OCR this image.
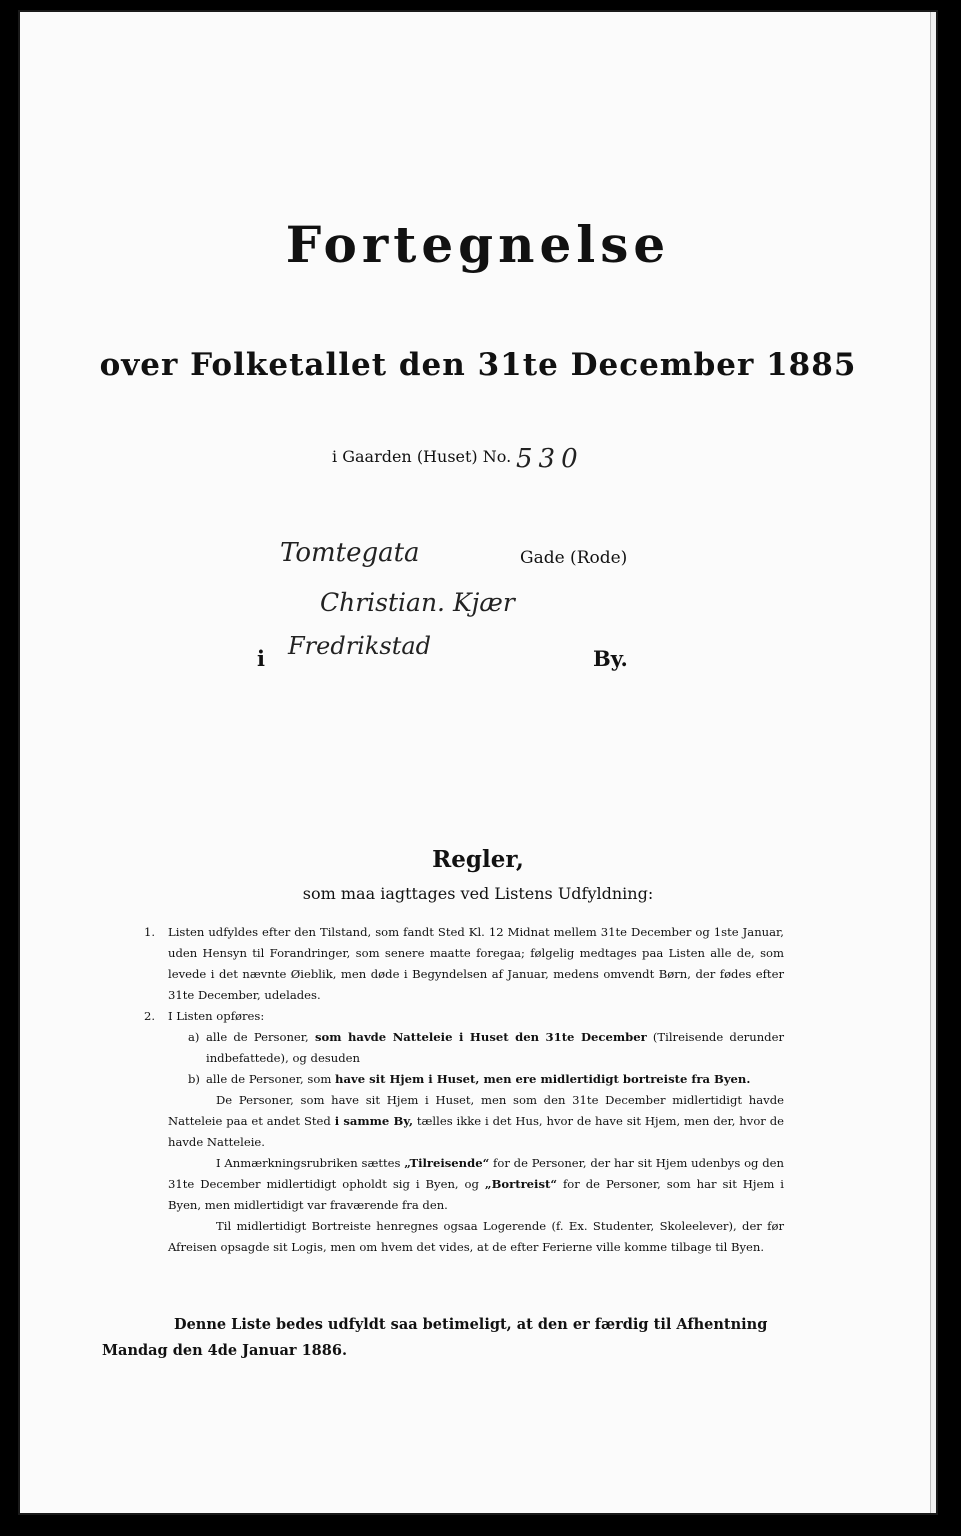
Fortegnelse
over Folketallet den 31te December 1885
i Gaarden (Huset) No. 530
Tomtegata	Gade (Rode)
Christian. Kjær
i Fredrikstad	By.
Regler,
som maa iagttages ved Listens Udfyldning:

1. Listen udfyldes efter den Tilstand, som fandt Sted Kl. 12 Midnat mellem 31te December og 1ste Januar, uden Hensyn til Forandringer, som senere maatte foregaa; følgelig medtages paa Listen alle de, som levede i det nævnte Øieblik, men døde i Begyndelsen af Januar, medens omvendt Børn, der fødes efter 31te December, udelades.

2. I Listen opføres:

a) alle de Personer, som havde Natteleie i Huset den 31te December (Tilreisende derunder indbefattede), og desuden

b) alle de Personer, som have sit Hjem i Huset, men ere midlertidigt bortreiste fra Byen.

De Personer, som have sit Hjem i Huset, men som den 31te December midlertidigt havde Natteleie paa et andet Sted i samme By, tælles ikke i det Hus, hvor de have sit Hjem, men der, hvor de havde Natteleie.

I Anmærkningsrubriken sættes „Tilreisende“ for de Personer, der har sit Hjem udenbys og den 31te December midlertidigt opholdt sig i Byen, og „Bortreist“ for de Personer, som har sit Hjem i Byen, men midlertidigt var fraværende fra den.

Til midlertidigt Bortreiste henregnes ogsaa Logerende (f. Ex. Studenter, Skoleelever), der før Afreisen opsagde sit Logis, men om hvem det vides, at de efter Ferierne ville komme tilbage til Byen.

Denne Liste bedes udfyldt saa betimeligt, at den er færdig til Afhentning
Mandag den 4de Januar 1886.
